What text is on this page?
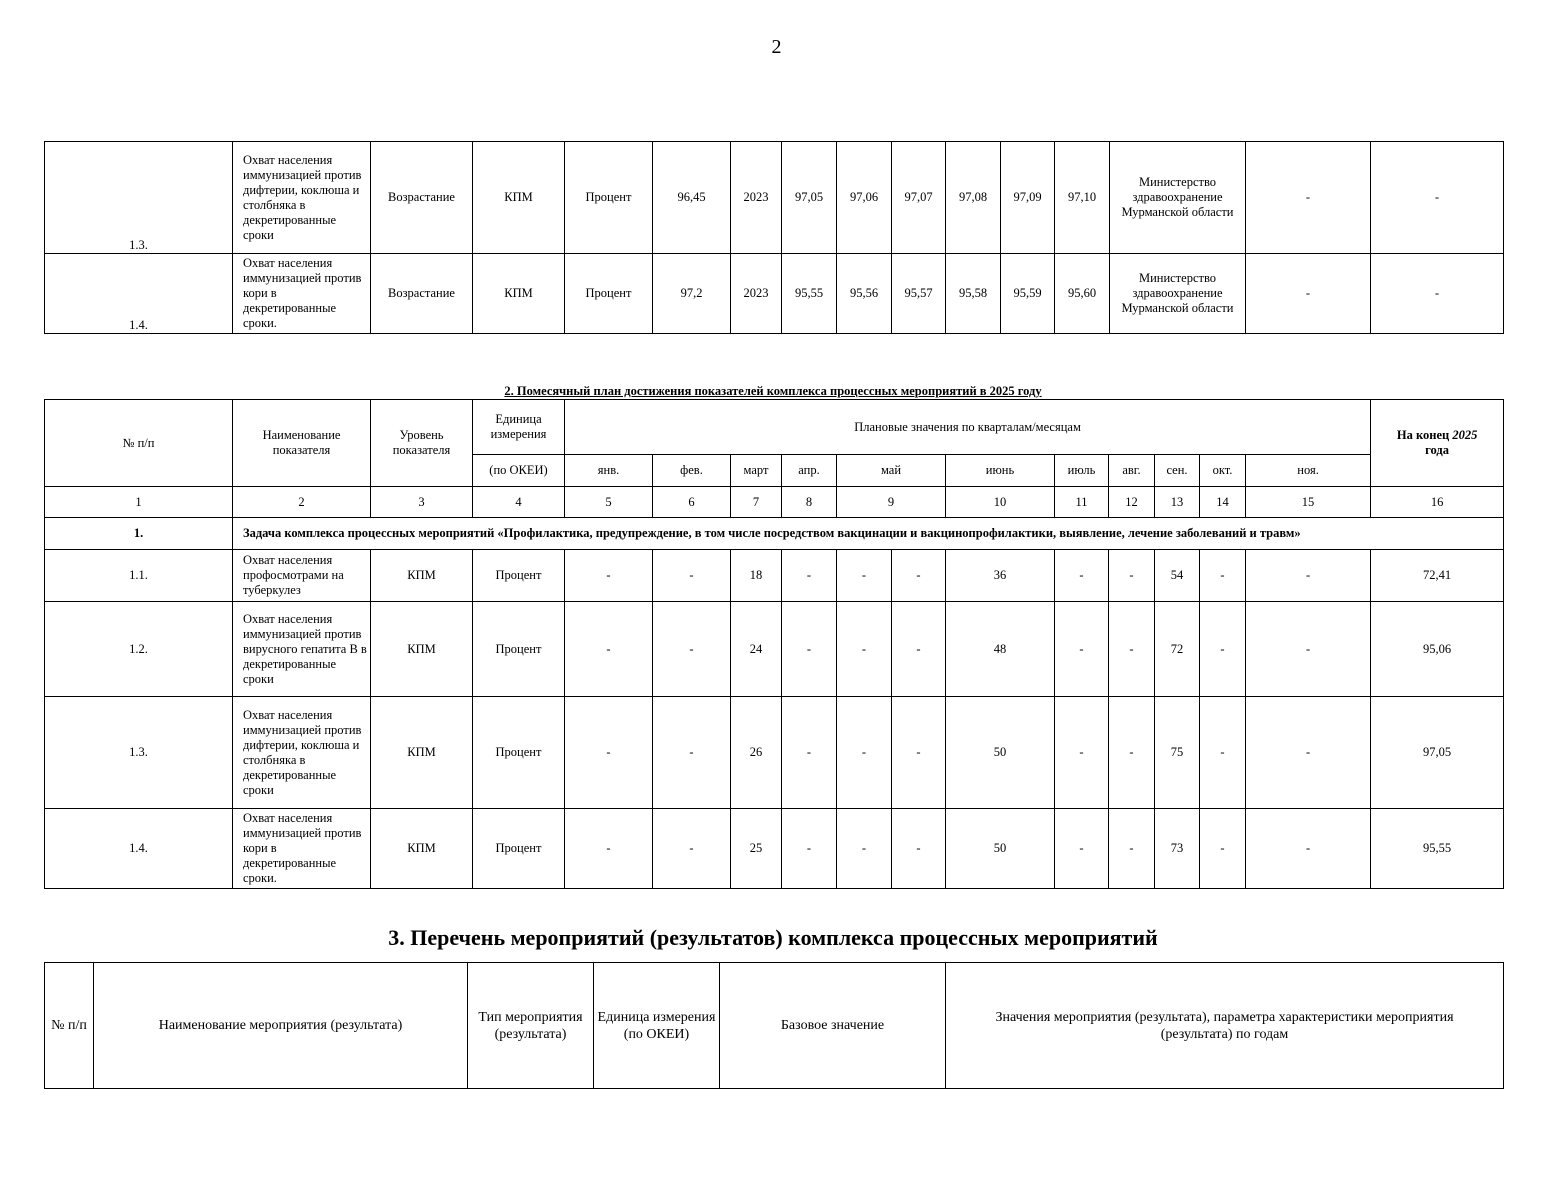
2
1.3.	Охват населения иммунизацией против дифтерии, коклюша и столбняка в декретированные сроки	Возрастание	КПМ	Процент	96,45	2023	97,05	97,06	97,07	97,08	97,09	97,10	Министерство здравоохранение Мурманской области	-	-
1.4.	Охват населения иммунизацией против кори в декретированные сроки.	Возрастание	КПМ	Процент	97,2	2023	95,55	95,56	95,57	95,58	95,59	95,60	Министерство здравоохранение Мурманской области	-	-
2. Помесячный план достижения показателей комплекса процессных мероприятий в 2025 году
№ п/п	Наименование показателя	Уровень показателя	Единица измерения	Плановые значения по кварталам/месяцам												На конец 2025
года
			(по ОКЕИ)	янв.	фев.	март	апр.	май		июнь	июль	авг.	сен.	окт.	ноя.	
1	2	3	4	5	6	7	8	9		10	11	12	13	14	15	16
1.	Задача комплекса процессных мероприятий «Профилактика, предупреждение, в том числе посредством вакцинации и вакцинопрофилактики, выявление, лечение заболеваний и травм»															
1.1.	Охват населения профосмотрами на туберкулез	КПМ	Процент	-	-	18	-	-	-	36	-	-	54	-	-	72,41
1.2.	Охват населения иммунизацией против вирусного гепатита В в декретированные сроки	КПМ	Процент	-	-	24	-	-	-	48	-	-	72	-	-	95,06
1.3.	Охват населения иммунизацией против дифтерии, коклюша и столбняка в декретированные сроки	КПМ	Процент	-	-	26	-	-	-	50	-	-	75	-	-	97,05
1.4.	Охват населения иммунизацией против кори в декретированные сроки.	КПМ	Процент	-	-	25	-	-	-	50	-	-	73	-	-	95,55
3. Перечень мероприятий (результатов) комплекса процессных мероприятий
№ п/п	Наименование мероприятия (результата)	Тип мероприятия (результата)	Единица измерения (по ОКЕИ)	Базовое значение	Значения мероприятия (результата), параметра характеристики мероприятия (результата) по годам
